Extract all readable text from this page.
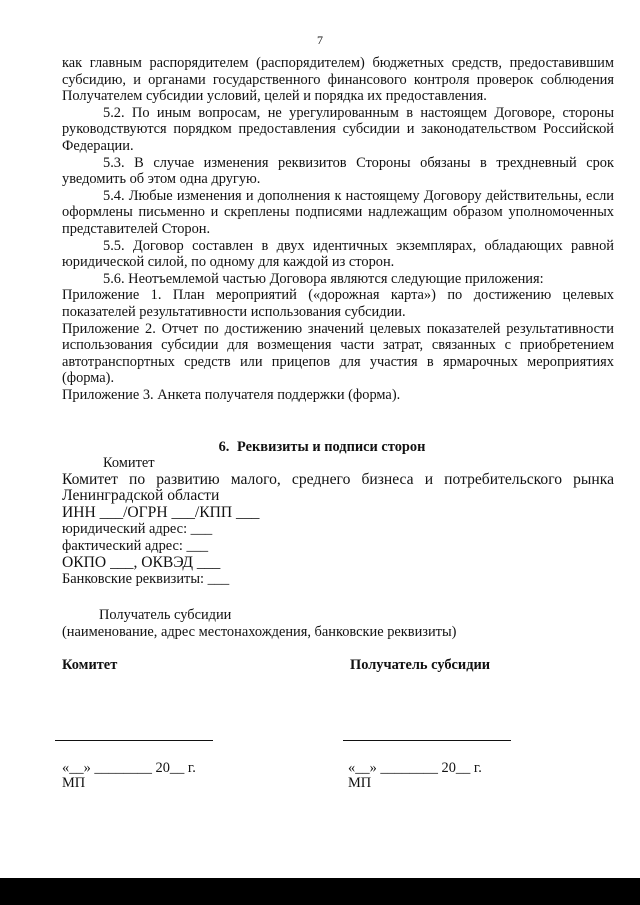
7

как главным распорядителем (распорядителем) бюджетных средств, предоставившим субсидию, и органами государственного финансового контроля проверок соблюдения Получателем субсидии условий, целей и порядка их предоставления.

5.2. По иным вопросам, не урегулированным в настоящем Договоре, стороны руководствуются порядком предоставления субсидии и законодательством Российской Федерации.

5.3. В случае изменения реквизитов Стороны обязаны в трехдневный срок уведомить об этом одна другую.

5.4. Любые изменения и дополнения к настоящему Договору действительны, если оформлены письменно и скреплены подписями надлежащим образом уполномоченных представителей Сторон.

5.5. Договор составлен в двух идентичных экземплярах, обладающих равной юридической силой, по одному для каждой из сторон.

5.6. Неотъемлемой частью Договора являются следующие приложения:

Приложение 1. План мероприятий («дорожная карта») по достижению целевых показателей результативности использования субсидии.

Приложение 2. Отчет по достижению значений целевых показателей результативности использования субсидии для возмещения части затрат, связанных с приобретением автотранспортных средств или прицепов для участия в ярмарочных мероприятиях (форма).

Приложение 3. Анкета получателя поддержки (форма).

6. Реквизиты и подписи сторон

Комитет

Комитет по развитию малого, среднего бизнеса и потребительского рынка Ленинградской области

ИНН ___/ОГРН ___/КПП ___

юридический адрес: ___

фактический адрес: ___

ОКПО ___, ОКВЭД ___

Банковские реквизиты: ___

Получатель субсидии

(наименование, адрес местонахождения, банковские реквизиты)

Комитет	Получатель субсидии
«__» ________ 20__ г.	«__» ________ 20__ г.
МП	МП
